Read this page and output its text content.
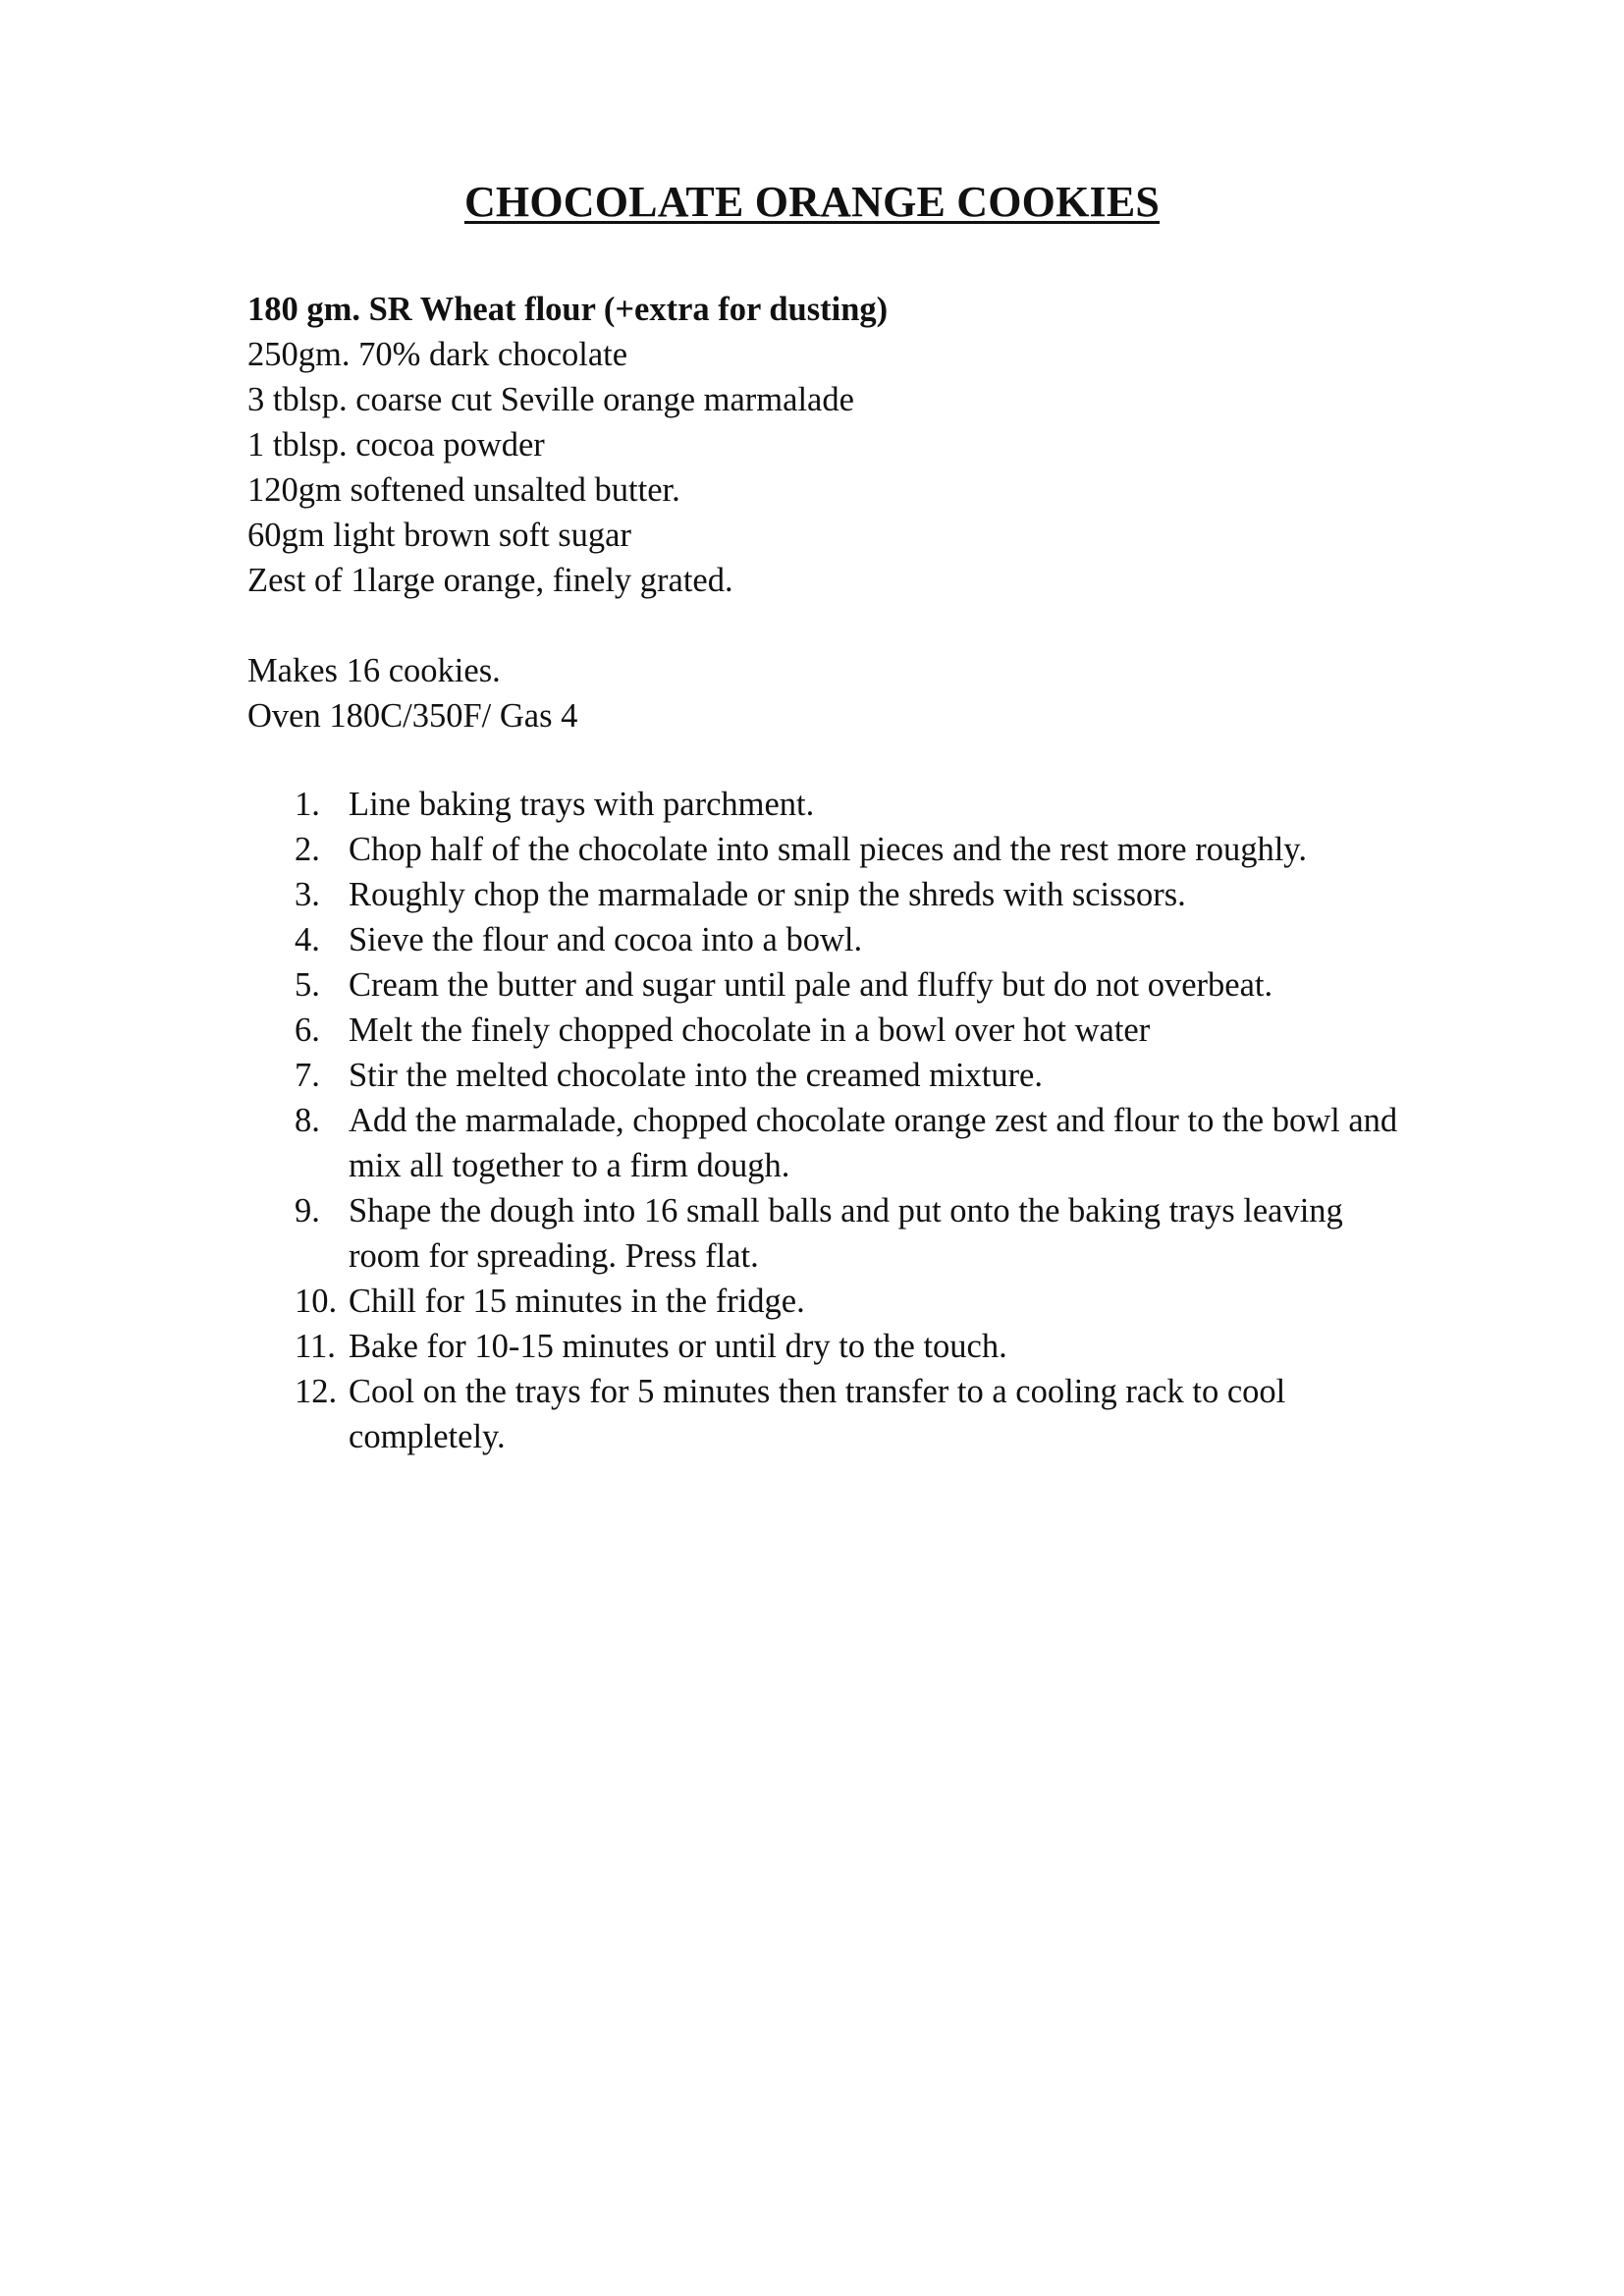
CHOCOLATE ORANGE COOKIES
180 gm. SR Wheat flour (+extra for dusting)
250gm. 70% dark chocolate
3 tblsp. coarse cut Seville orange marmalade
1 tblsp. cocoa powder
120gm softened unsalted butter.
60gm light brown soft sugar
Zest of 1large orange, finely grated.
Makes 16 cookies.
Oven 180C/350F/ Gas 4
1. Line baking trays with parchment.
2. Chop half of the chocolate into small pieces and the rest more roughly.
3. Roughly chop the marmalade or snip the shreds with scissors.
4. Sieve the flour and cocoa into a bowl.
5. Cream the butter and sugar until pale and fluffy but do not overbeat.
6. Melt the finely chopped chocolate in a bowl over hot water
7. Stir the melted chocolate into the creamed mixture.
8. Add the marmalade, chopped chocolate orange zest and flour to the bowl and mix all together to a firm dough.
9. Shape the dough into 16 small balls and put onto the baking trays leaving room for spreading. Press flat.
10. Chill for 15 minutes in the fridge.
11. Bake for 10-15 minutes or until dry to the touch.
12. Cool on the trays for 5 minutes then transfer to a cooling rack to cool completely.
